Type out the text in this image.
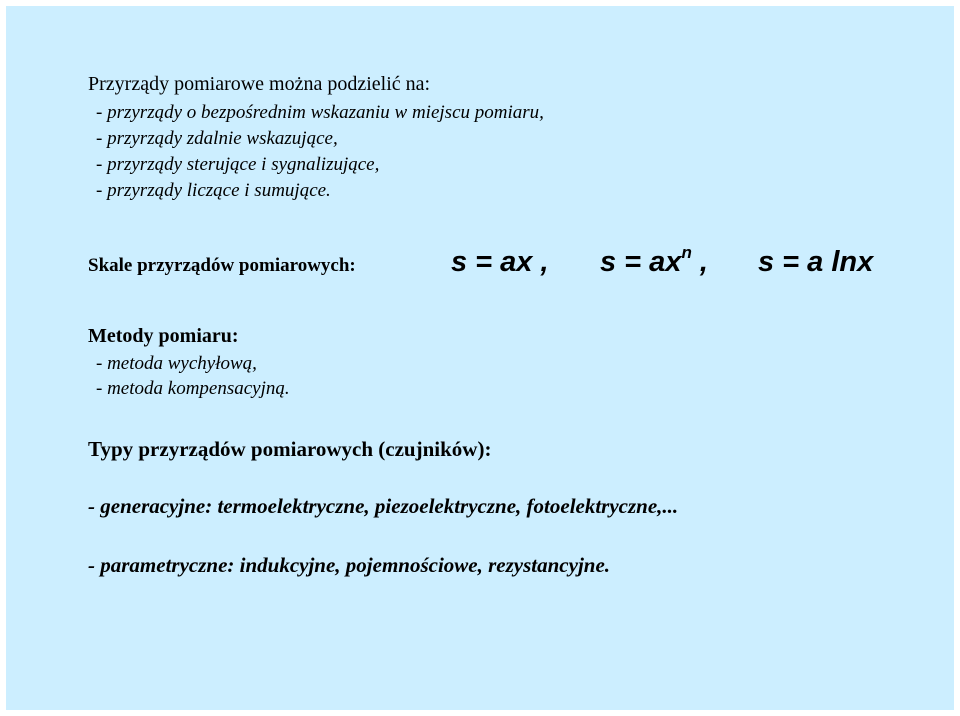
Przyrządy pomiarowe można podzielić na:
- przyrządy o bezpośrednim wskazaniu w miejscu pomiaru,
- przyrządy zdalnie wskazujące,
- przyrządy sterujące i sygnalizujące,
- przyrządy liczące i sumujące.
Skale przyrządów pomiarowych:	s = ax , $s = ax^n$ , s = a lnx
Metody pomiaru:
- metoda wychyłową,
- metoda kompensacyjną.
Typy przyrządów pomiarowych (czujników):
- generacyjne: termoelektryczne, piezoelektryczne, fotoelektryczne,...
- parametryczne: indukcyjne, pojemnościowe, rezystancyjne.
